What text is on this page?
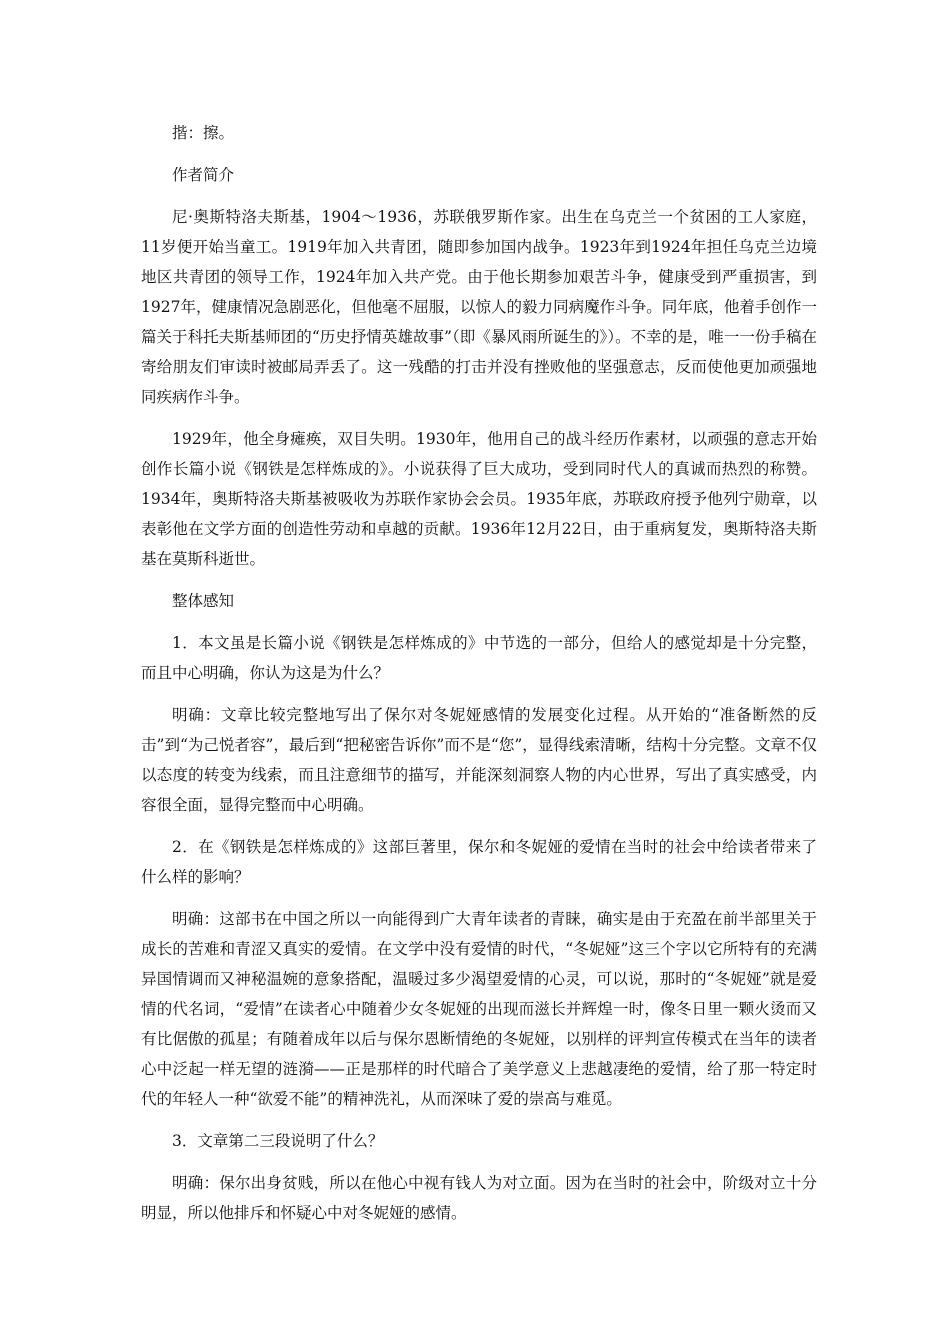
揩：擦。

作者简介

尼·奥斯特洛夫斯基，1904～1936，苏联俄罗斯作家。出生在乌克兰一个贫困的工人家庭，11岁便开始当童工。1919年加入共青团，随即参加国内战争。1923年到1924年担任乌克兰边境地区共青团的领导工作，1924年加入共产党。由于他长期参加艰苦斗争，健康受到严重损害，到1927年，健康情况急剧恶化，但他毫不屈服，以惊人的毅力同病魔作斗争。同年底，他着手创作一篇关于科托夫斯基师团的“历史抒情英雄故事”（即《暴风雨所诞生的》）。不幸的是，唯一一份手稿在寄给朋友们审读时被邮局弄丢了。这一残酷的打击并没有挫败他的坚强意志，反而使他更加顽强地同疾病作斗争。

1929年，他全身瘫痪，双目失明。1930年，他用自己的战斗经历作素材，以顽强的意志开始创作长篇小说《钢铁是怎样炼成的》。小说获得了巨大成功，受到同时代人的真诚而热烈的称赞。1934年，奥斯特洛夫斯基被吸收为苏联作家协会会员。1935年底，苏联政府授予他列宁勋章，以表彰他在文学方面的创造性劳动和卓越的贡献。1936年12月22日，由于重病复发，奥斯特洛夫斯基在莫斯科逝世。

整体感知

1．本文虽是长篇小说《钢铁是怎样炼成的》中节选的一部分，但给人的感觉却是十分完整，而且中心明确，你认为这是为什么？

明确：文章比较完整地写出了保尔对冬妮娅感情的发展变化过程。从开始的“准备断然的反击”到“为己悦者容”，最后到“把秘密告诉你”而不是“您”，显得线索清晰，结构十分完整。文章不仅以态度的转变为线索，而且注意细节的描写，并能深刻洞察人物的内心世界，写出了真实感受，内容很全面，显得完整而中心明确。

2．在《钢铁是怎样炼成的》这部巨著里，保尔和冬妮娅的爱情在当时的社会中给读者带来了什么样的影响？

明确：这部书在中国之所以一向能得到广大青年读者的青睐，确实是由于充盈在前半部里关于成长的苦难和青涩又真实的爱情。在文学中没有爱情的时代，“冬妮娅”这三个字以它所特有的充满异国情调而又神秘温婉的意象搭配，温暖过多少渴望爱情的心灵，可以说，那时的“冬妮娅”就是爱情的代名词，“爱情”在读者心中随着少女冬妮娅的出现而滋长并辉煌一时，像冬日里一颗火烫而又有比倨傲的孤星；有随着成年以后与保尔恩断情绝的冬妮娅，以别样的评判宣传模式在当年的读者心中泛起一样无望的涟漪——正是那样的时代暗合了美学意义上悲越凄绝的爱情，给了那一特定时代的年轻人一种“欲爱不能”的精神洗礼，从而深味了爱的崇高与难觅。

3．文章第二三段说明了什么？

明确：保尔出身贫贱，所以在他心中视有钱人为对立面。因为在当时的社会中，阶级对立十分明显，所以他排斥和怀疑心中对冬妮娅的感情。
